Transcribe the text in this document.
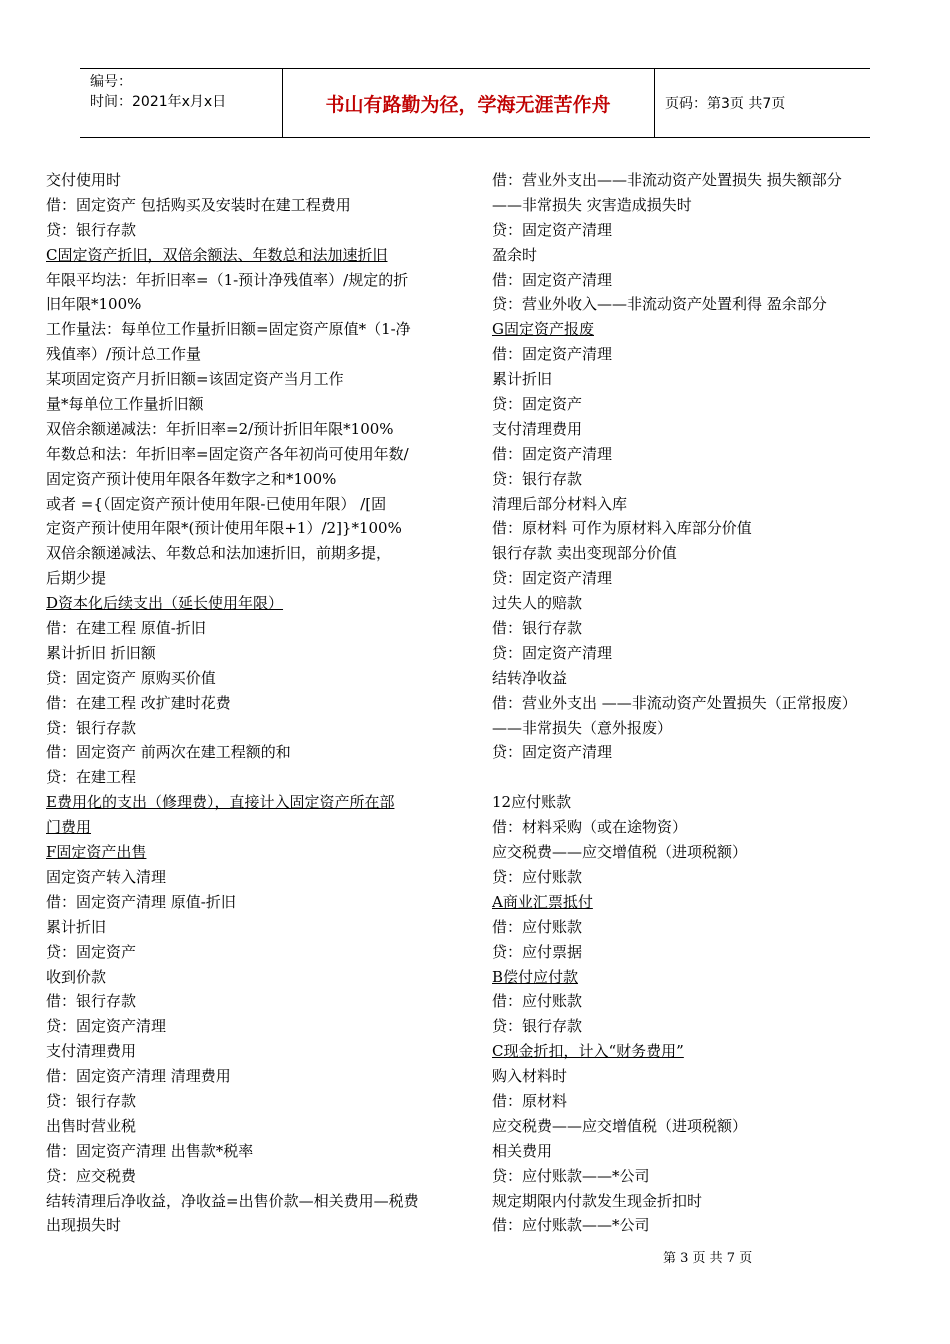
编号：
时间：2021年x月x日	书山有路勤为径，学海无涯苦作舟	页码：第3页 共7页
交付使用时
借：固定资产 包括购买及安装时在建工程费用
贷：银行存款
C固定资产折旧，双倍余额法、年数总和法加速折旧
年限平均法：年折旧率=（1-预计净残值率）/规定的折
旧年限*100%
工作量法：每单位工作量折旧额=固定资产原值*（1-净
残值率）/预计总工作量
某项固定资产月折旧额=该固定资产当月工作
量*每单位工作量折旧额
双倍余额递减法：年折旧率=2/预计折旧年限*100%
年数总和法：年折旧率=固定资产各年初尚可使用年数/
固定资产预计使用年限各年数字之和*100%
或者 ={（固定资产预计使用年限-已使用年限） /[固
定资产预计使用年限*(预计使用年限+1）/2]}*100%
双倍余额递减法、年数总和法加速折旧，前期多提，
后期少提
D资本化后续支出（延长使用年限）
借：在建工程 原值-折旧
累计折旧 折旧额
贷：固定资产 原购买价值
借：在建工程 改扩建时花费
贷：银行存款
借：固定资产 前两次在建工程额的和
贷：在建工程
E费用化的支出（修理费），直接计入固定资产所在部
门费用
F固定资产出售
固定资产转入清理
借：固定资产清理 原值-折旧
累计折旧
贷：固定资产
收到价款
借：银行存款
贷：固定资产清理
支付清理费用
借：固定资产清理 清理费用
贷：银行存款
出售时营业税
借：固定资产清理 出售款*税率
贷：应交税费
结转清理后净收益，净收益=出售价款—相关费用—税费
出现损失时
借：营业外支出——非流动资产处置损失 损失额部分
——非常损失 灾害造成损失时
贷：固定资产清理
盈余时
借：固定资产清理
贷：营业外收入——非流动资产处置利得 盈余部分
G固定资产报废
借：固定资产清理
累计折旧
贷：固定资产
支付清理费用
借：固定资产清理
贷：银行存款
清理后部分材料入库
借：原材料 可作为原材料入库部分价值
银行存款 卖出变现部分价值
贷：固定资产清理
过失人的赔款
借：银行存款
贷：固定资产清理
结转净收益
借：营业外支出 ——非流动资产处置损失（正常报废）
——非常损失（意外报废）
贷：固定资产清理
12应付账款
借：材料采购（或在途物资）
应交税费——应交增值税（进项税额）
贷：应付账款
A商业汇票抵付
借：应付账款
贷：应付票据
B偿付应付款
借：应付账款
贷：银行存款
C现金折扣，计入“财务费用”
购入材料时
借：原材料
应交税费——应交增值税（进项税额）
相关费用
贷：应付账款——*公司
规定期限内付款发生现金折扣时
借：应付账款——*公司
第 3 页 共 7 页
